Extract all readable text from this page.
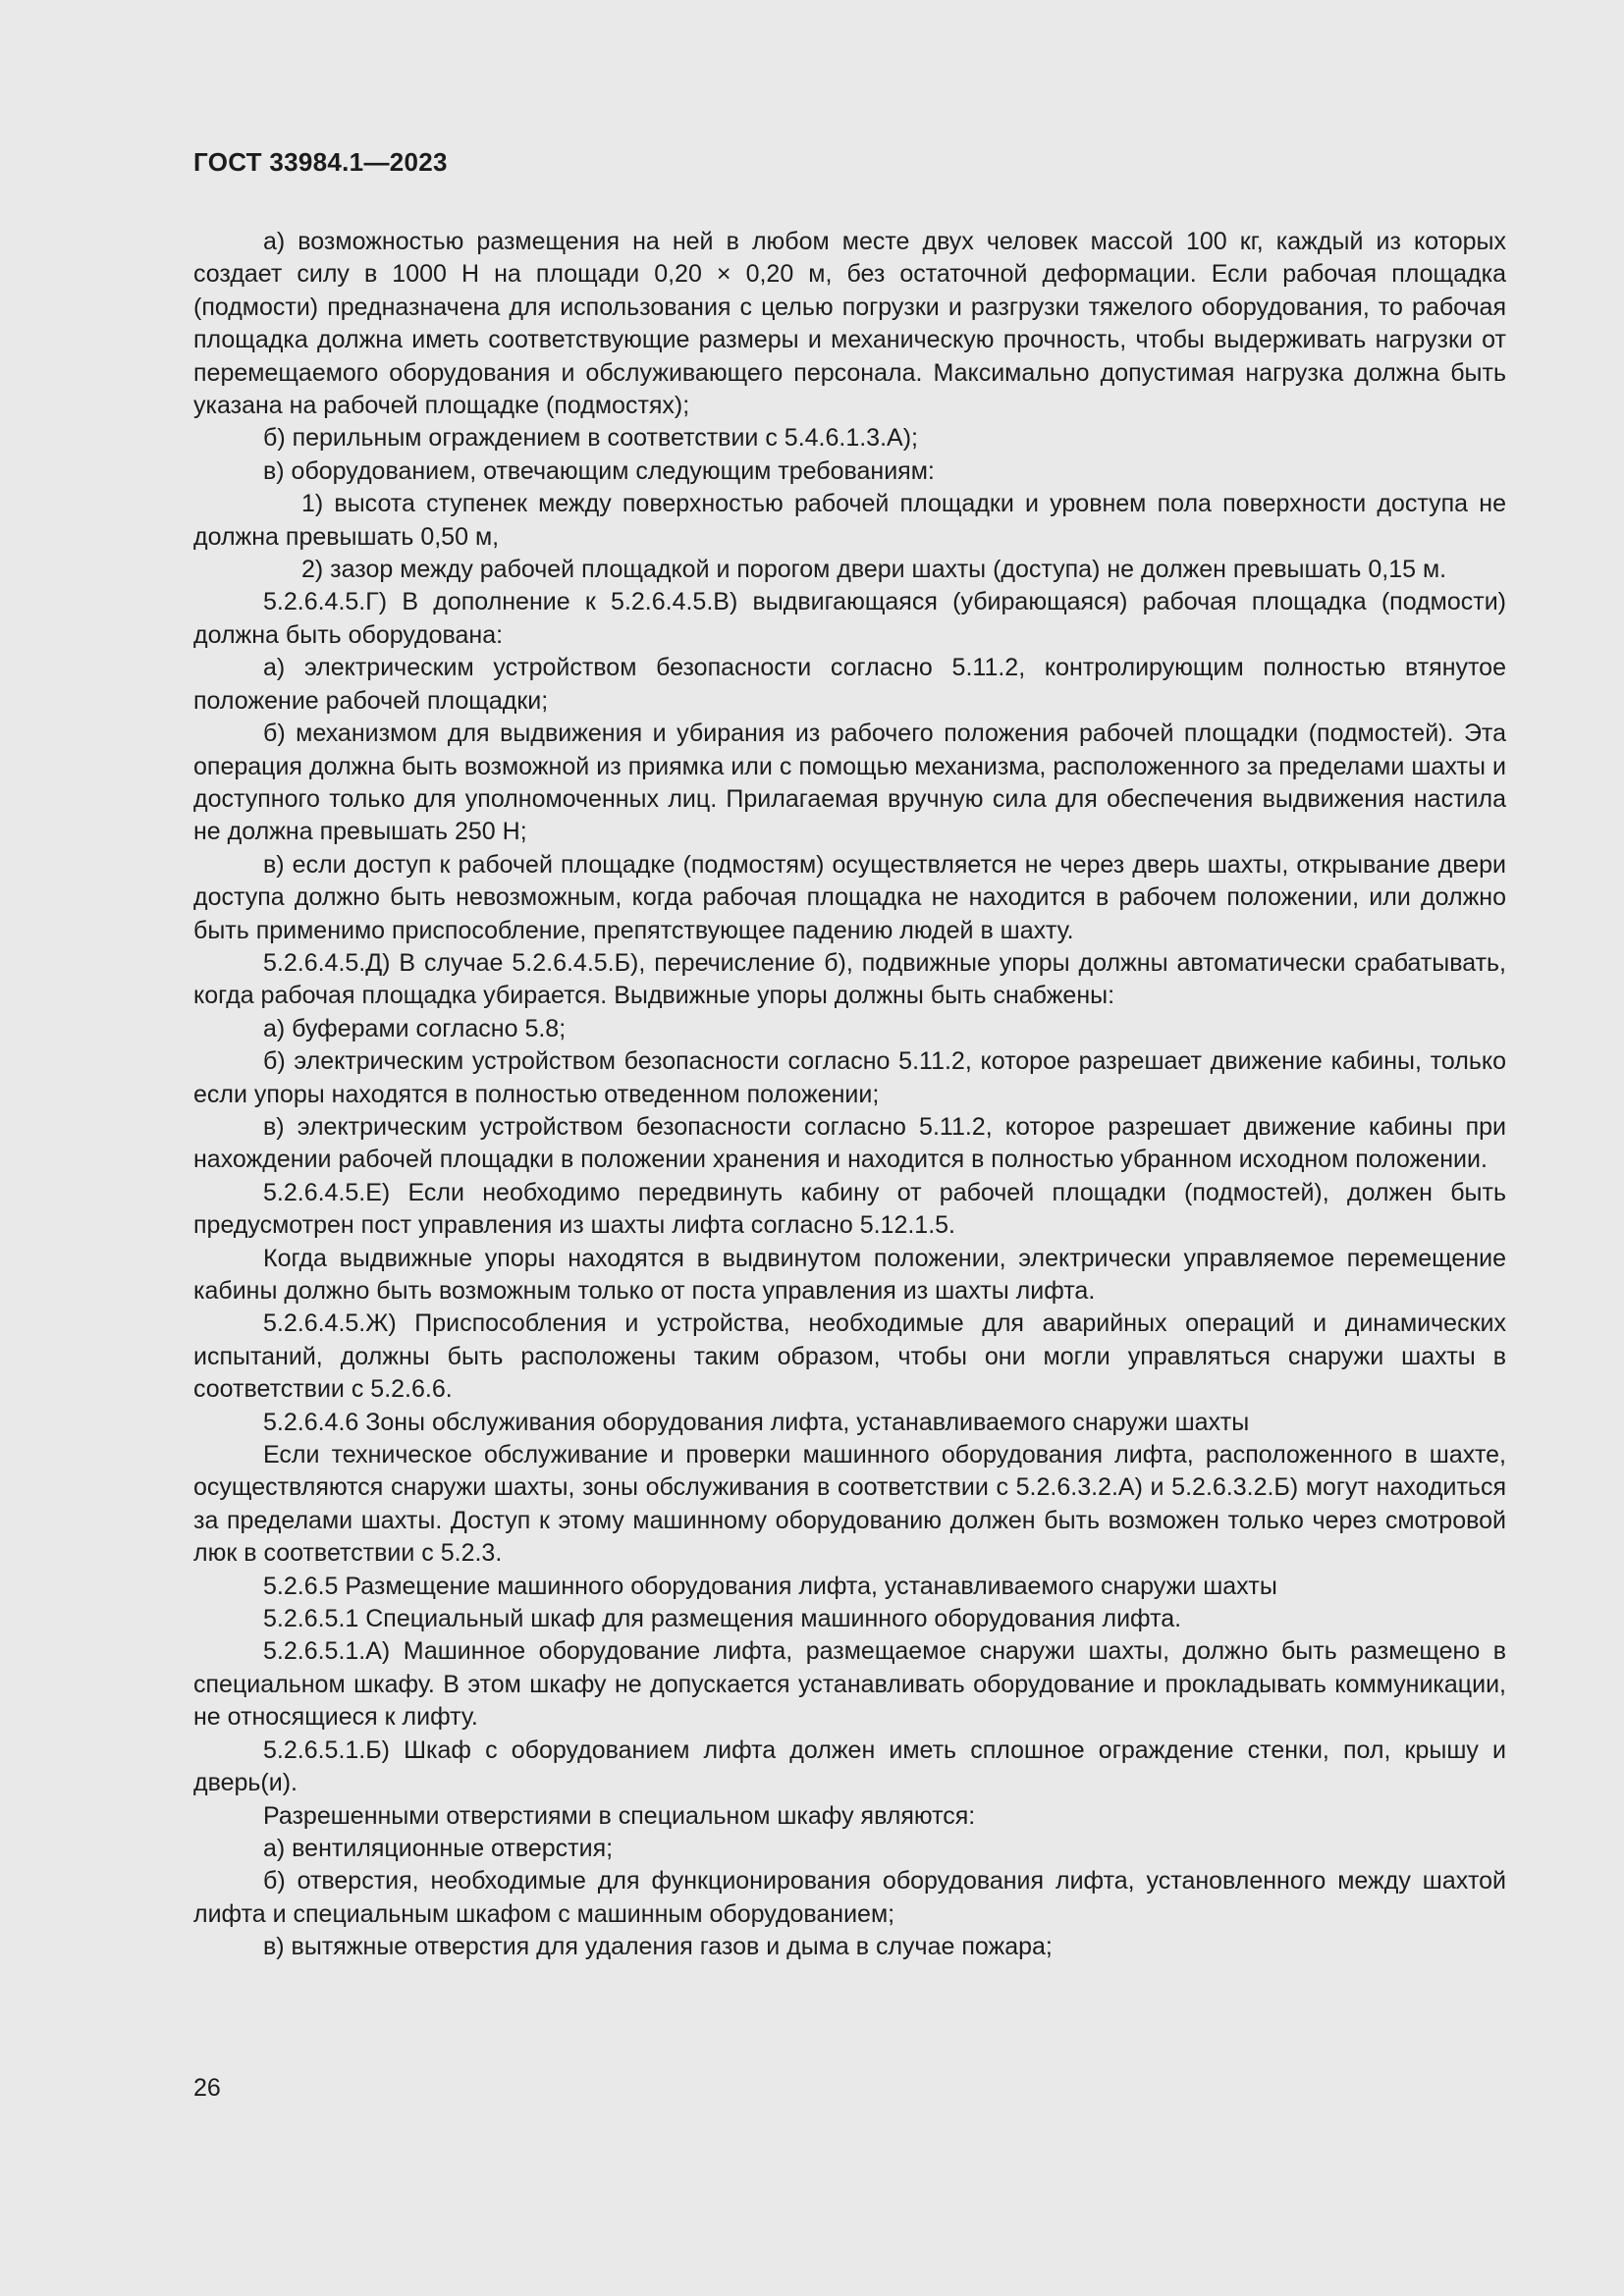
ГОСТ 33984.1—2023

а) возможностью размещения на ней в любом месте двух человек массой 100 кг, каждый из которых создает силу в 1000 Н на площади 0,20 × 0,20 м, без остаточной деформации. Если рабочая площадка (подмости) предназначена для использования с целью погрузки и разгрузки тяжелого оборудования, то рабочая площадка должна иметь соответствующие размеры и механическую прочность, чтобы выдерживать нагрузки от перемещаемого оборудования и обслуживающего персонала. Максимально допустимая нагрузка должна быть указана на рабочей площадке (подмостях);

б) перильным ограждением в соответствии с 5.4.6.1.3.А);

в) оборудованием, отвечающим следующим требованиям:

1) высота ступенек между поверхностью рабочей площадки и уровнем пола поверхности доступа не должна превышать 0,50 м,

2) зазор между рабочей площадкой и порогом двери шахты (доступа) не должен превышать 0,15 м.

5.2.6.4.5.Г) В дополнение к 5.2.6.4.5.В) выдвигающаяся (убирающаяся) рабочая площадка (подмости) должна быть оборудована:

а) электрическим устройством безопасности согласно 5.11.2, контролирующим полностью втянутое положение рабочей площадки;

б) механизмом для выдвижения и убирания из рабочего положения рабочей площадки (подмостей). Эта операция должна быть возможной из приямка или с помощью механизма, расположенного за пределами шахты и доступного только для уполномоченных лиц. Прилагаемая вручную сила для обеспечения выдвижения настила не должна превышать 250 Н;

в) если доступ к рабочей площадке (подмостям) осуществляется не через дверь шахты, открывание двери доступа должно быть невозможным, когда рабочая площадка не находится в рабочем положении, или должно быть применимо приспособление, препятствующее падению людей в шахту.

5.2.6.4.5.Д) В случае 5.2.6.4.5.Б), перечисление б), подвижные упоры должны автоматически срабатывать, когда рабочая площадка убирается. Выдвижные упоры должны быть снабжены:

а) буферами согласно 5.8;

б) электрическим устройством безопасности согласно 5.11.2, которое разрешает движение кабины, только если упоры находятся в полностью отведенном положении;

в) электрическим устройством безопасности согласно 5.11.2, которое разрешает движение кабины при нахождении рабочей площадки в положении хранения и находится в полностью убранном исходном положении.

5.2.6.4.5.Е) Если необходимо передвинуть кабину от рабочей площадки (подмостей), должен быть предусмотрен пост управления из шахты лифта согласно 5.12.1.5.

Когда выдвижные упоры находятся в выдвинутом положении, электрически управляемое перемещение кабины должно быть возможным только от поста управления из шахты лифта.

5.2.6.4.5.Ж) Приспособления и устройства, необходимые для аварийных операций и динамических испытаний, должны быть расположены таким образом, чтобы они могли управляться снаружи шахты в соответствии с 5.2.6.6.

5.2.6.4.6 Зоны обслуживания оборудования лифта, устанавливаемого снаружи шахты

Если техническое обслуживание и проверки машинного оборудования лифта, расположенного в шахте, осуществляются снаружи шахты, зоны обслуживания в соответствии с 5.2.6.3.2.А) и 5.2.6.3.2.Б) могут находиться за пределами шахты. Доступ к этому машинному оборудованию должен быть возможен только через смотровой люк в соответствии с 5.2.3.

5.2.6.5 Размещение машинного оборудования лифта, устанавливаемого снаружи шахты

5.2.6.5.1 Специальный шкаф для размещения машинного оборудования лифта.

5.2.6.5.1.А) Машинное оборудование лифта, размещаемое снаружи шахты, должно быть размещено в специальном шкафу. В этом шкафу не допускается устанавливать оборудование и прокладывать коммуникации, не относящиеся к лифту.

5.2.6.5.1.Б) Шкаф с оборудованием лифта должен иметь сплошное ограждение стенки, пол, крышу и дверь(и).

Разрешенными отверстиями в специальном шкафу являются:

а) вентиляционные отверстия;

б) отверстия, необходимые для функционирования оборудования лифта, установленного между шахтой лифта и специальным шкафом с машинным оборудованием;

в) вытяжные отверстия для удаления газов и дыма в случае пожара;

26
